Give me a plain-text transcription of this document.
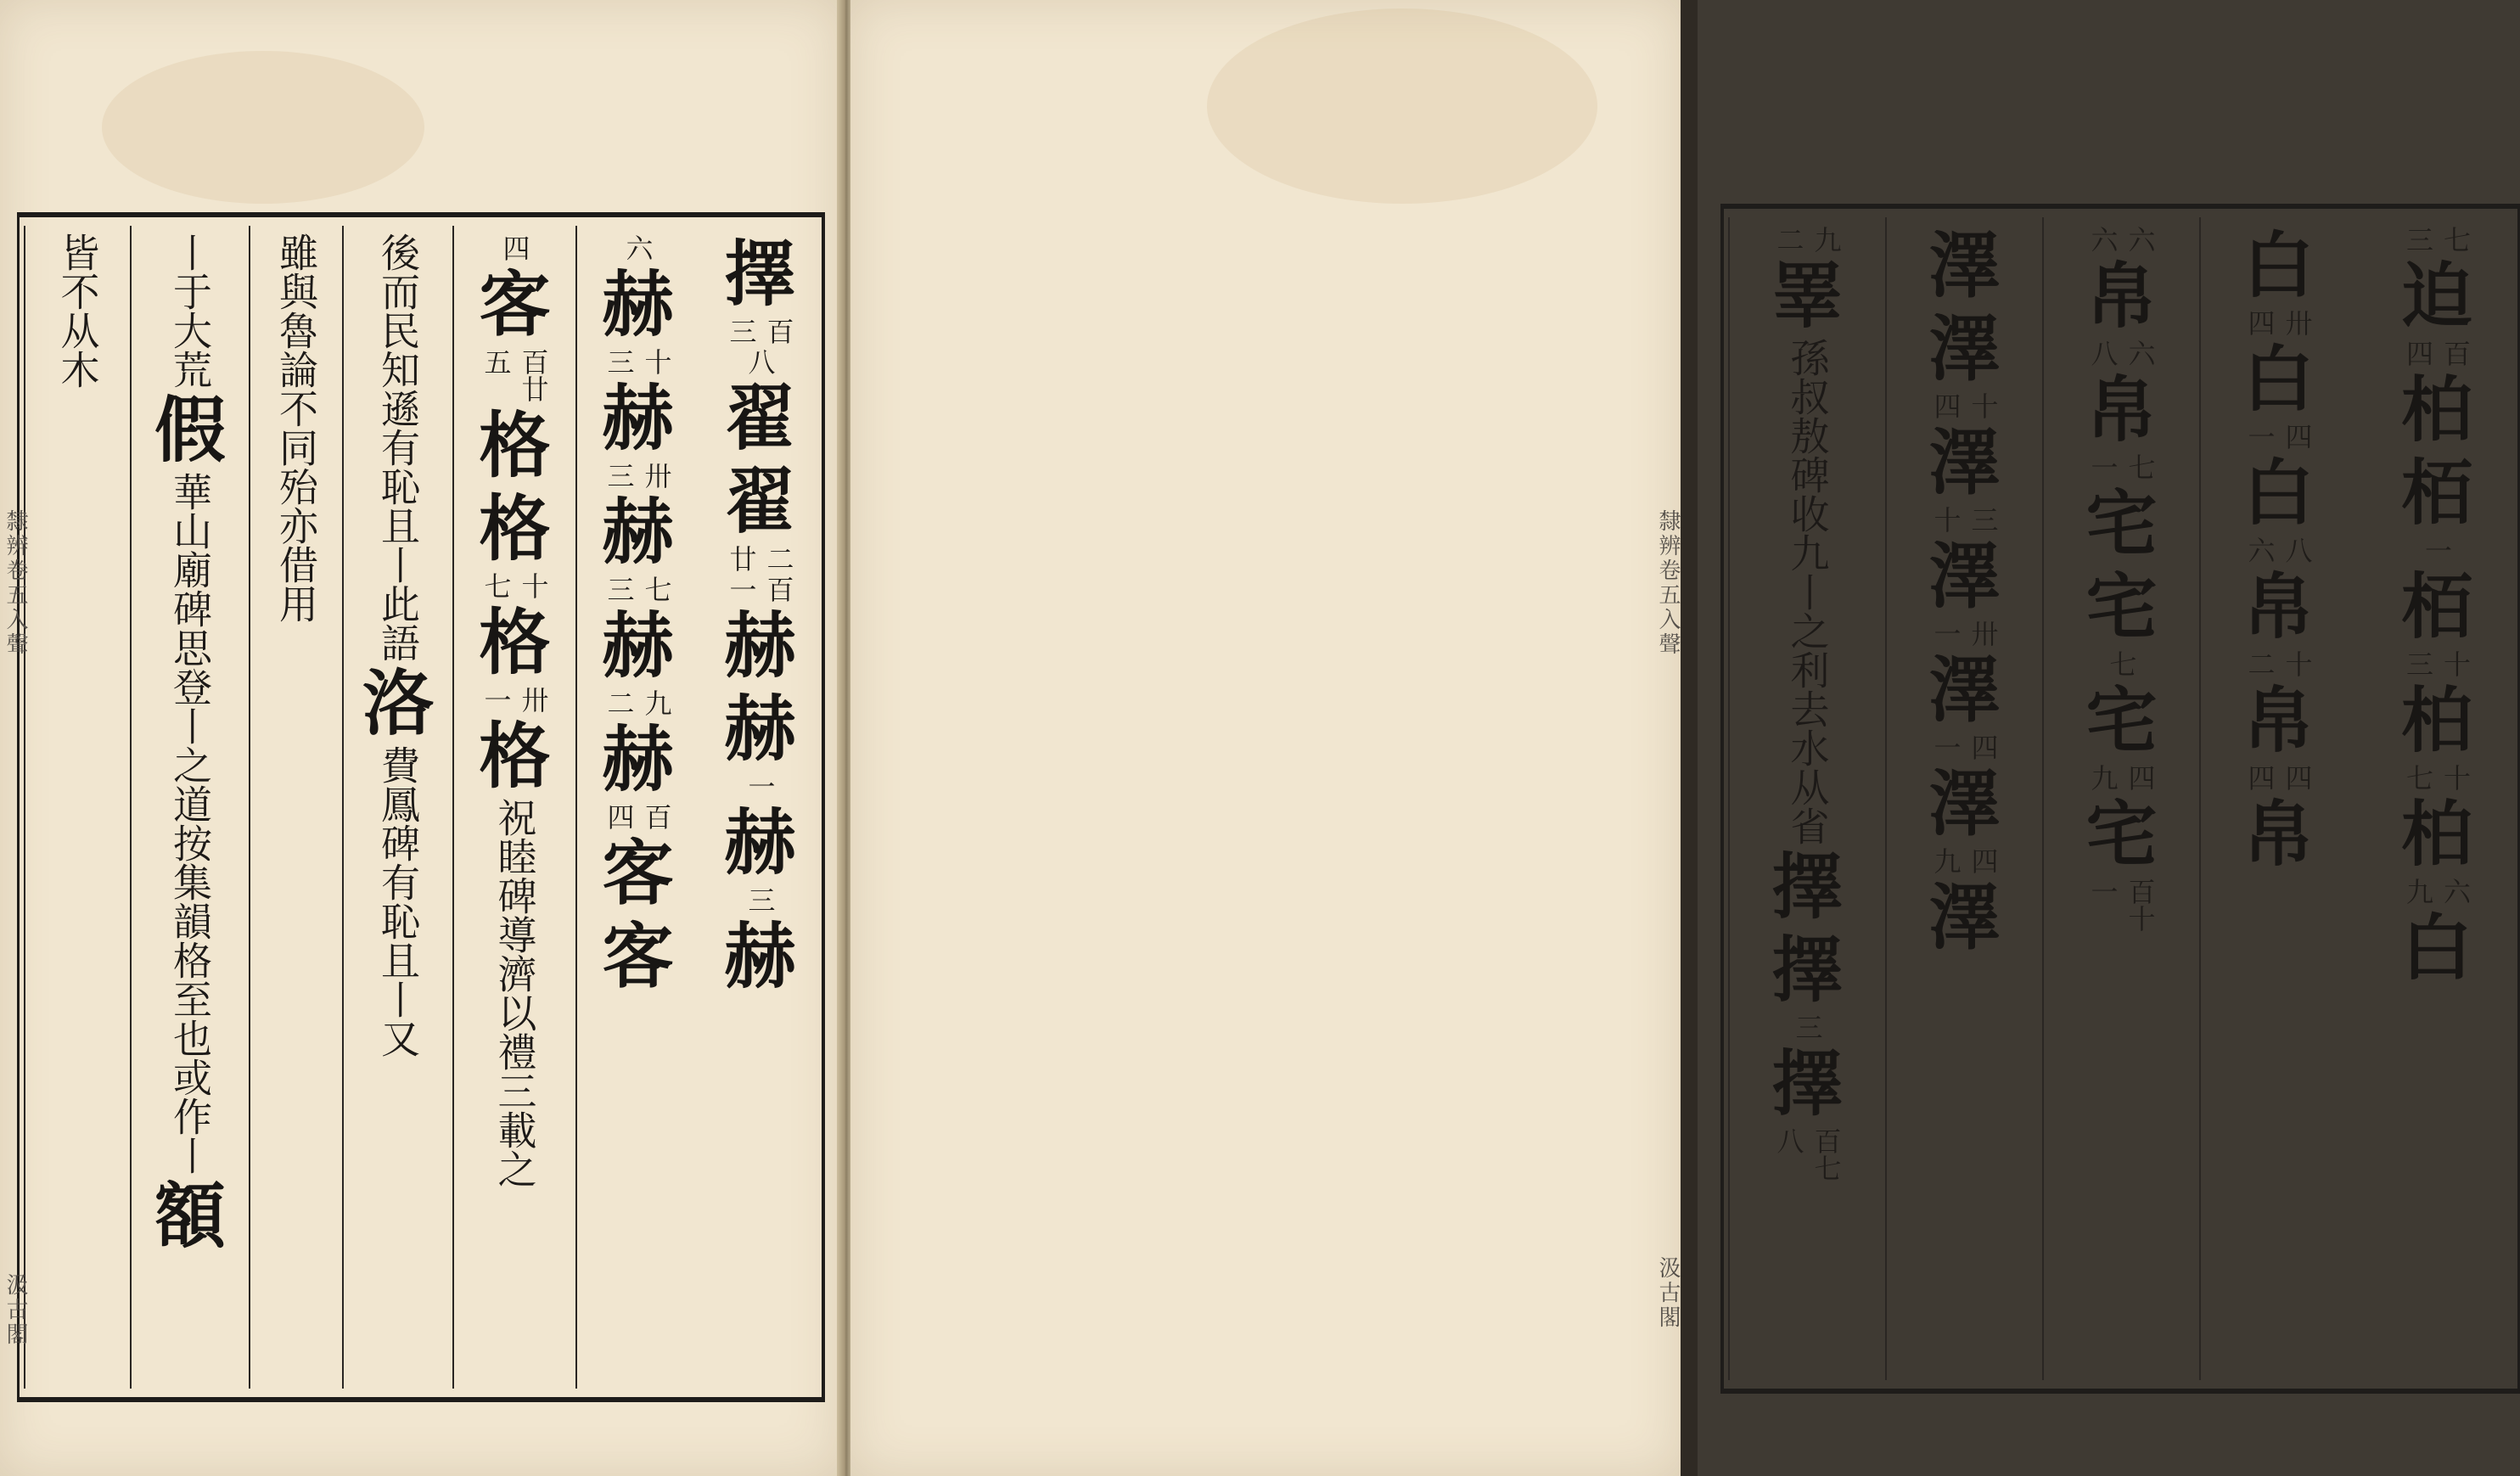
擇
百
三
八
翟
翟
二
廿
百
一
赫
赫
一
赫
三
赫
六
赫
十
三
赫
卅
三
赫
七
三
赫
九
二
赫
百
四
客
客
四
客
百廿
五
格
格
十
七
格
卅
一
格
祝睦碑導濟
以禮三載之
後而民知遜有恥且丨此語
洛
費鳳碑有
恥且丨又
雖與魯論不同殆亦借用
丨于大荒
假
華山廟碑思登丨之道
按集韻格至也或作丨
額
皆不从木
隸辨卷五入聲
汲古閣
七
三
迫
百
四
柏
栢
一
栢
十
三
柏
十
七
柏
六
九
白
白
卅
四
白
四
一
白
八
六
帛
十
二
帛
四
四
帛
六
六
帛
六
八
帛
七
一
宅
宅
七
宅
四
九
宅
百十
一
澤
澤
十
四
澤
三
十
澤
卅
一
澤
四
一
澤
四
九
澤
九
二
睪
孫叔敖碑收九丨
之利去水从省
擇
擇
三
擇
百七
八
隸辨卷五入聲
汲古閣
